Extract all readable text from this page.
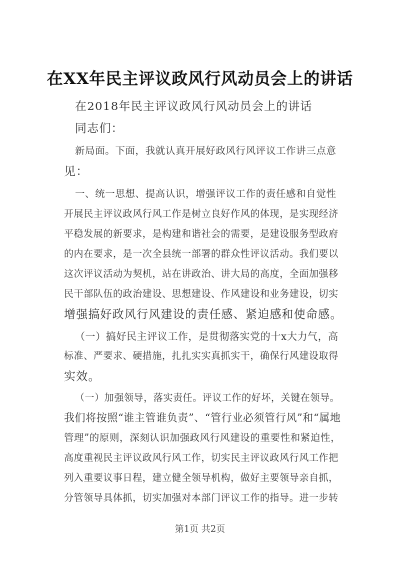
在XX年民主评议政风行风动员会上的讲话
在2018年民主评议政风行风动员会上的讲话
同志们：
新局面。下面，我就认真开展好政风行风评议工作讲三点意
见：
一、统一思想、提高认识，增强评议工作的责任感和自觉性
开展民主评议政风行风工作是树立良好作风的体现，是实现经济
平稳发展的新要求，是构建和谐社会的需要，是建设服务型政府
的内在要求，是一次全县统一部署的群众性评议活动。我们要以
这次评议活动为契机，站在讲政治、讲大局的高度，全面加强移
民干部队伍的政治建设、思想建设、作风建设和业务建设，切实
增强搞好政风行风建设的责任感、紧迫感和使命感。
（一）搞好民主评议工作，是贯彻落实党的十x大力气，高
标准、严要求、硬措施，扎扎实实真抓实干，确保行风建设取得
实效。
（一）加强领导，落实责任。评议工作的好坏，关键在领导。
我们将按照“谁主管谁负责”、“管行业必须管行风”和“属地
管理”的原则，深刻认识加强政风行风建设的重要性和紧迫性，
高度重视民主评议政风行风工作，切实民主评议政风行风工作把
列入重要议事日程，建立健全领导机构，做好主要领导亲自抓，
分管领导具体抓，切实加强对本部门评议工作的指导。进一步转
第1页 共2页
